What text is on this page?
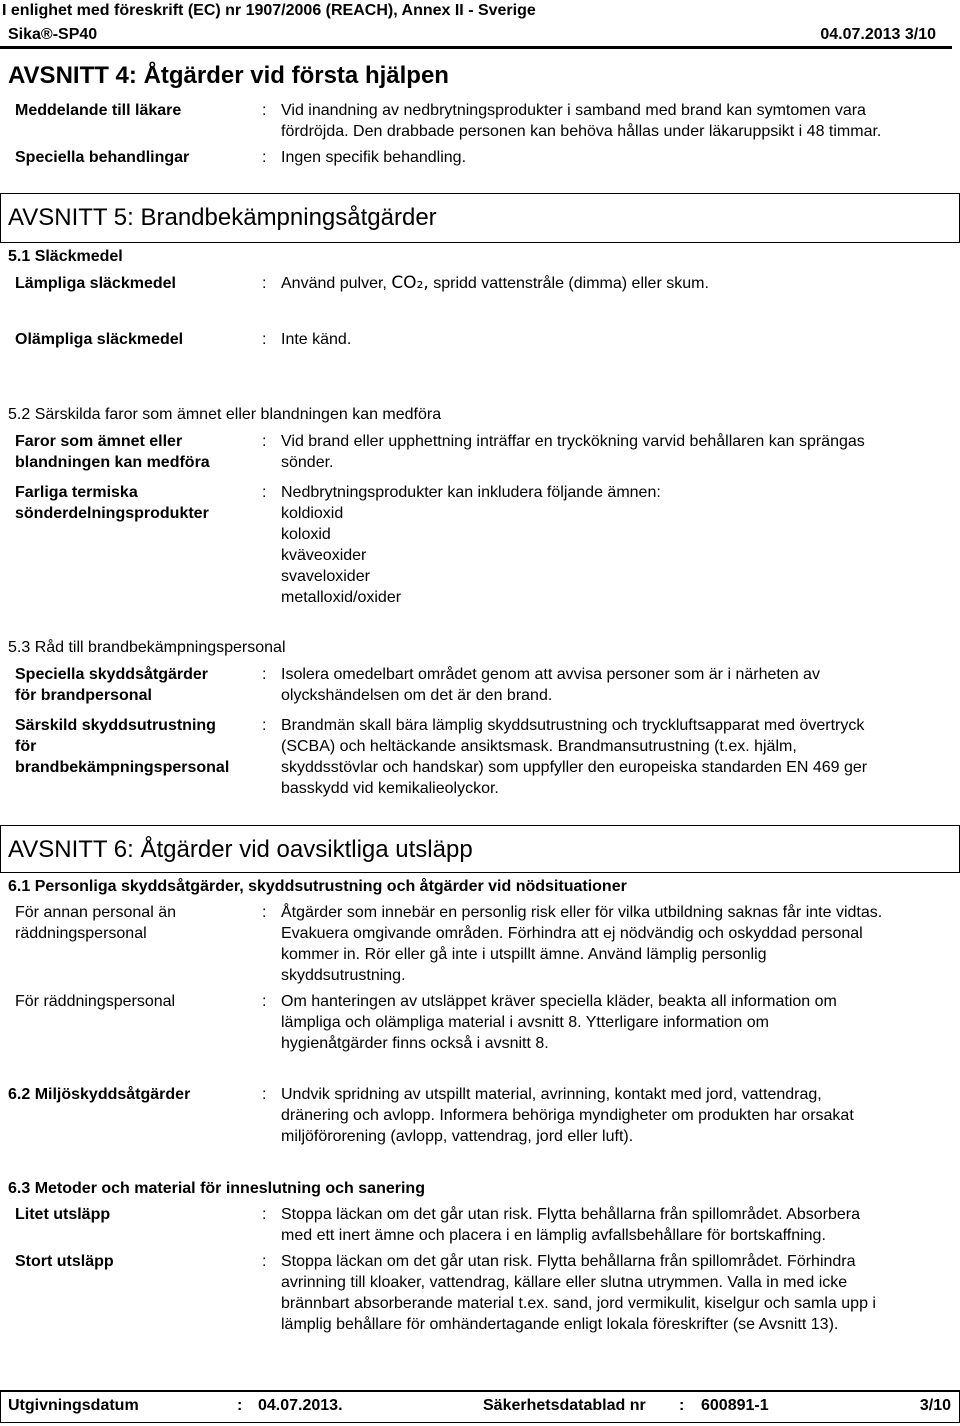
I enlighet med föreskrift (EC) nr 1907/2006 (REACH), Annex II - Sverige
Sika®-SP40	04.07.2013 3/10
AVSNITT 4: Åtgärder vid första hjälpen
Meddelande till läkare	: Vid inandning av nedbrytningsprodukter i samband med brand kan symtomen vara
fördröjda. Den drabbade personen kan behöva hållas under läkaruppsikt i 48 timmar.
Speciella behandlingar	: Ingen specifik behandling.
AVSNITT 5: Brandbekämpningsåtgärder
5.1 Släckmedel
Lämpliga släckmedel	: Använd pulver, CO₂, spridd vattenstråle (dimma) eller skum.
Olämpliga släckmedel	: Inte känd.
5.2 Särskilda faror som ämnet eller blandningen kan medföra
Faror som ämnet eller
blandningen kan medföra
: Vid brand eller upphettning inträffar en tryckökning varvid behållaren kan sprängas
sönder.
Farliga termiska
sönderdelningsprodukter
: Nedbrytningsprodukter kan inkludera följande ämnen:
koldioxid
koloxid
kväveoxider
svaveloxider
metalloxid/oxider
5.3 Råd till brandbekämpningspersonal
Speciella skyddsåtgärder
för brandpersonal
: Isolera omedelbart området genom att avvisa personer som är i närheten av
olyckshändelsen om det är den brand.
Särskild skyddsutrustning
för
brandbekämpningspersonal
: Brandmän skall bära lämplig skyddsutrustning och tryckluftsapparat med övertryck
(SCBA) och heltäckande ansiktsmask. Brandmansutrustning (t.ex. hjälm,
skyddsstövlar och handskar) som uppfyller den europeiska standarden EN 469 ger
basskydd vid kemikalieolyckor.
AVSNITT 6: Åtgärder vid oavsiktliga utsläpp
6.1 Personliga skyddsåtgärder, skyddsutrustning och åtgärder vid nödsituationer
För annan personal än
räddningspersonal
: Åtgärder som innebär en personlig risk eller för vilka utbildning saknas får inte vidtas.
Evakuera omgivande områden. Förhindra att ej nödvändig och oskyddad personal
kommer in. Rör eller gå inte i utspillt ämne. Använd lämplig personlig
skyddsutrustning.
För räddningspersonal	: Om hanteringen av utsläppet kräver speciella kläder, beakta all information om
lämpliga och olämpliga material i avsnitt 8. Ytterligare information om
hygienåtgärder finns också i avsnitt 8.
6.2 Miljöskyddsåtgärder	: Undvik spridning av utspillt material, avrinning, kontakt med jord, vattendrag,
dränering och avlopp. Informera behöriga myndigheter om produkten har orsakat
miljöförorening (avlopp, vattendrag, jord eller luft).
6.3 Metoder och material för inneslutning och sanering
Litet utsläpp	: Stoppa läckan om det går utan risk. Flytta behållarna från spillområdet. Absorbera
med ett inert ämne och placera i en lämplig avfallsbehållare för bortskaffning.
Stort utsläpp	: Stoppa läckan om det går utan risk. Flytta behållarna från spillområdet. Förhindra
avrinning till kloaker, vattendrag, källare eller slutna utrymmen. Valla in med icke
brännbart absorberande material t.ex. sand, jord vermikulit, kiselgur och samla upp i
lämplig behållare för omhändertagande enligt lokala föreskrifter (se Avsnitt 13).
Utgivningsdatum	: 04.07.2013.	Säkerhetsdatablad nr : 600891-1	3/10
